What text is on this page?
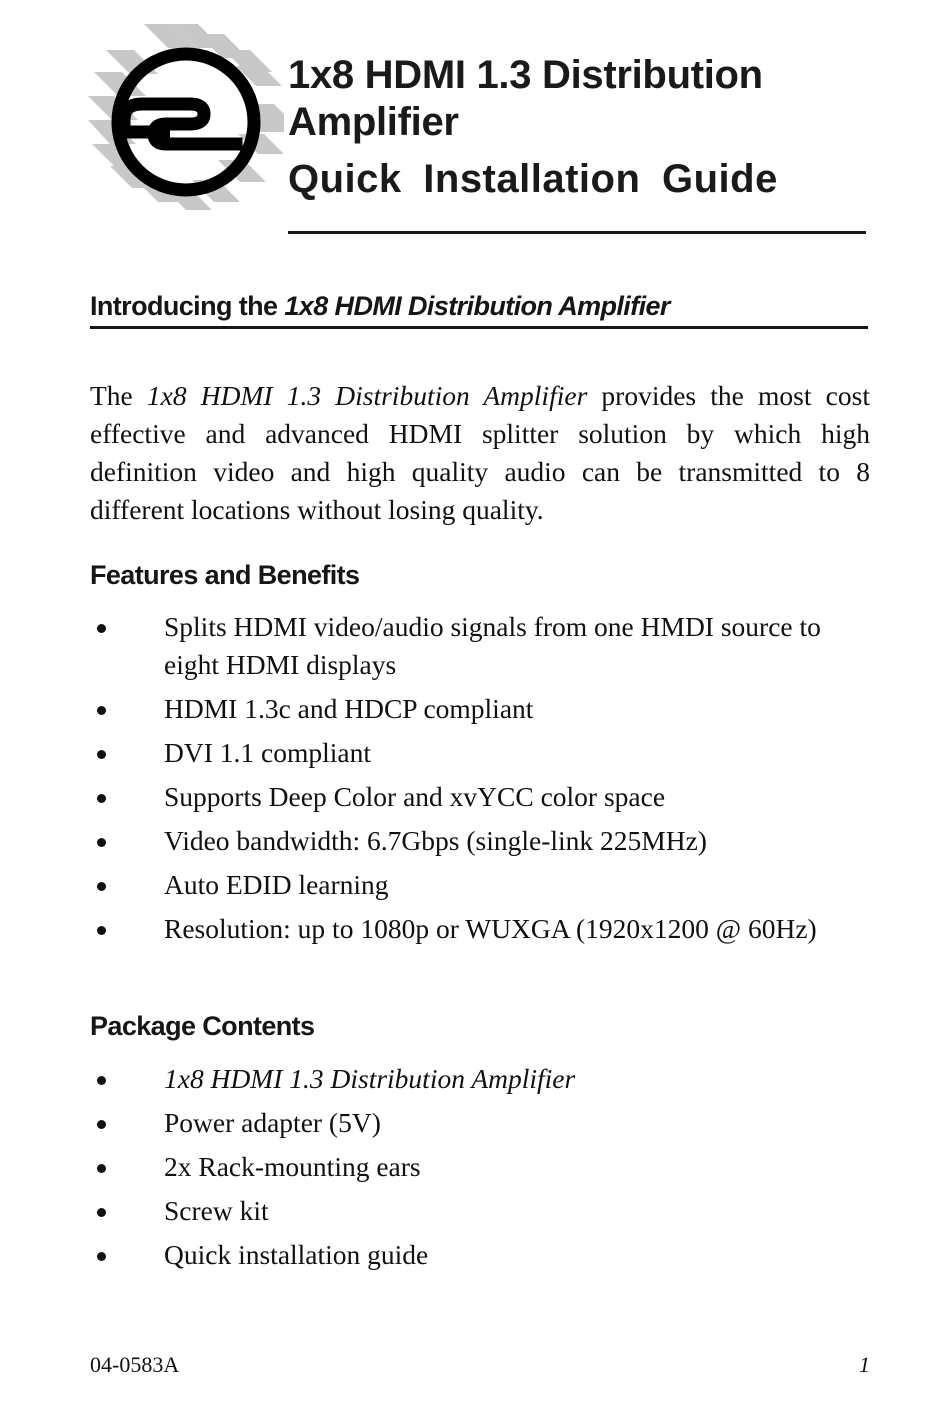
1x8 HDMI 1.3 Distribution
Amplifier
Quick Installation Guide
Introducing the 1x8 HDMI Distribution Amplifier

The 1x8 HDMI 1.3 Distribution Amplifier provides the most cost effective and advanced HDMI splitter solution by which high definition video and high quality audio can be transmitted to 8 different locations without losing quality.

Features and Benefits
Splits HDMI video/audio signals from one HMDI source to eight HDMI displays
HDMI 1.3c and HDCP compliant
DVI 1.1 compliant
Supports Deep Color and xvYCC color space
Video bandwidth: 6.7Gbps (single-link 225MHz)
Auto EDID learning
Resolution: up to 1080p or WUXGA (1920x1200 @ 60Hz)
Package Contents
1x8 HDMI 1.3 Distribution Amplifier
Power adapter (5V)
2x Rack-mounting ears
Screw kit
Quick installation guide
04-0583A	1
